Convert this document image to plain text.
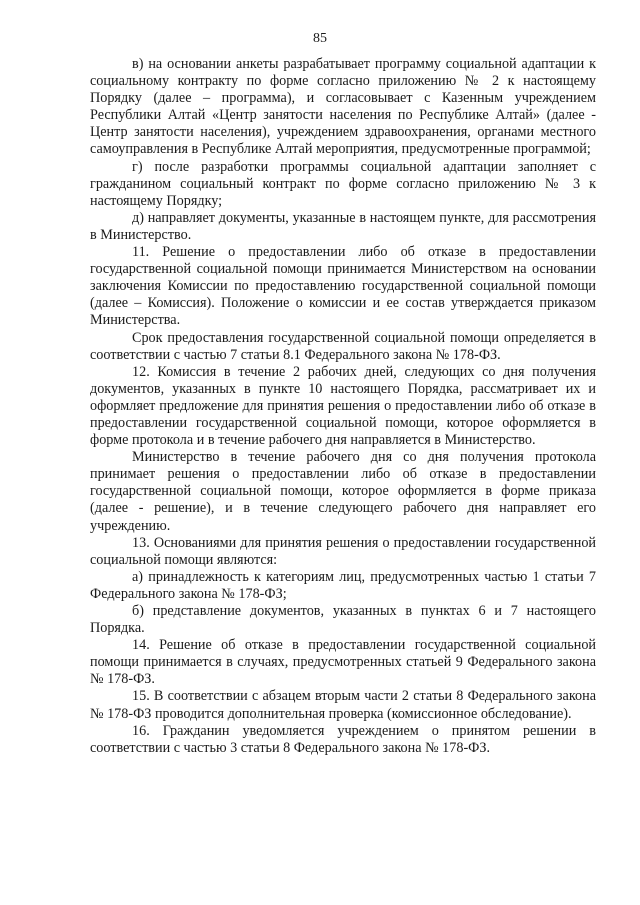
85

в) на основании анкеты разрабатывает программу социальной адаптации к социальному контракту по форме согласно приложению № 2 к настоящему Порядку (далее – программа), и согласовывает с Казенным учреждением Республики Алтай «Центр занятости населения по Республике Алтай» (далее - Центр занятости населения), учреждением здравоохранения, органами местного самоуправления в Республике Алтай мероприятия, предусмотренные программой;

г) после разработки программы социальной адаптации заполняет с гражданином социальный контракт по форме согласно приложению № 3 к настоящему Порядку;

д) направляет документы, указанные в настоящем пункте, для рассмотрения в Министерство.

11. Решение о предоставлении либо об отказе в предоставлении государственной социальной помощи принимается Министерством на основании заключения Комиссии по предоставлению государственной социальной помощи (далее – Комиссия). Положение о комиссии и ее состав утверждается приказом Министерства.

Срок предоставления государственной социальной помощи определяется в соответствии с частью 7 статьи 8.1 Федерального закона № 178-ФЗ.

12. Комиссия в течение 2 рабочих дней, следующих со дня получения документов, указанных в пункте 10 настоящего Порядка, рассматривает их и оформляет предложение для принятия решения о предоставлении либо об отказе в предоставлении государственной социальной помощи, которое оформляется в форме протокола и в течение рабочего дня направляется в Министерство.

Министерство в течение рабочего дня со дня получения протокола принимает решения о предоставлении либо об отказе в предоставлении государственной социальной помощи, которое оформляется в форме приказа (далее - решение), и в течение следующего рабочего дня направляет его учреждению.

13. Основаниями для принятия решения о предоставлении государственной социальной помощи являются:

а) принадлежность к категориям лиц, предусмотренных частью 1 статьи 7 Федерального закона № 178-ФЗ;

б) представление документов, указанных в пунктах 6 и 7 настоящего Порядка.

14. Решение об отказе в предоставлении государственной социальной помощи принимается в случаях, предусмотренных статьей 9 Федерального закона № 178-ФЗ.

15. В соответствии с абзацем вторым части 2 статьи 8 Федерального закона № 178-ФЗ проводится дополнительная проверка (комиссионное обследование).

16. Гражданин уведомляется учреждением о принятом решении в соответствии с частью 3 статьи 8 Федерального закона № 178-ФЗ.
